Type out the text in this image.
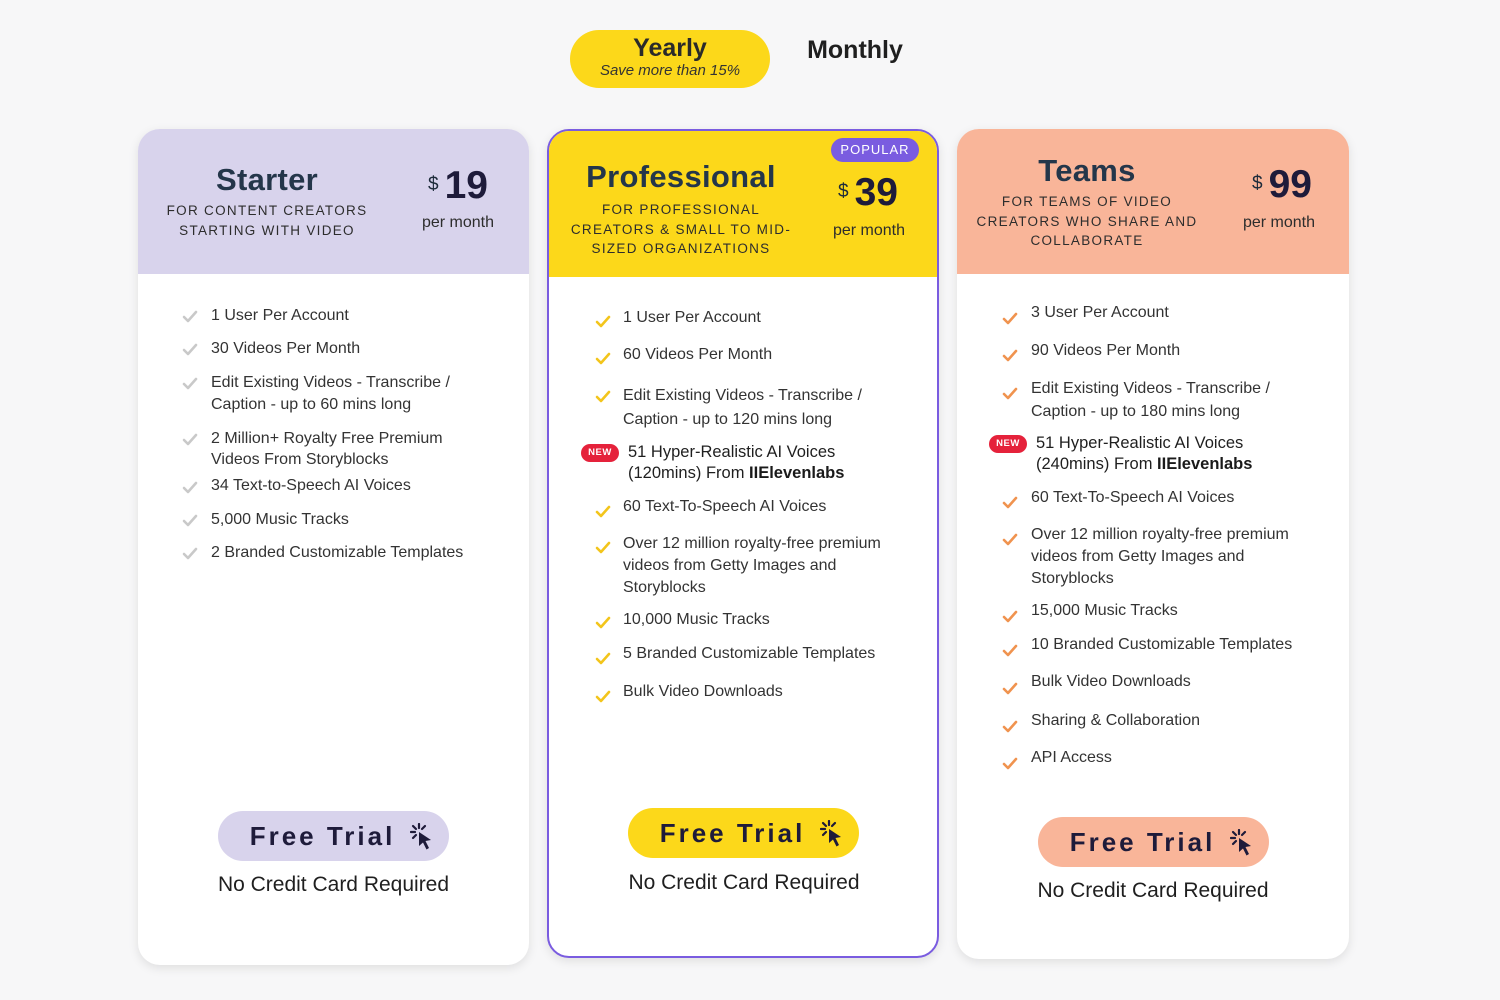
Yearly
Save more than 15%
Monthly
Starter
FOR CONTENT CREATORS STARTING WITH VIDEO
$ 19
per month
1 User Per Account
30 Videos Per Month
Edit Existing Videos - Transcribe / Caption - up to 60 mins long
2 Million+ Royalty Free Premium Videos From Storyblocks
34 Text-to-Speech AI Voices
5,000 Music Tracks
2 Branded Customizable Templates
Free Trial
No Credit Card Required
POPULAR
Professional
FOR PROFESSIONAL CREATORS & SMALL TO MID-SIZED ORGANIZATIONS
$ 39
per month
1 User Per Account
60 Videos Per Month
Edit Existing Videos - Transcribe / Caption - up to 120 mins long
NEW 51 Hyper-Realistic AI Voices (120mins) From IIElevenlabs
60 Text-To-Speech AI Voices
Over 12 million royalty-free premium videos from Getty Images and Storyblocks
10,000 Music Tracks
5 Branded Customizable Templates
Bulk Video Downloads
Free Trial
No Credit Card Required
Teams
FOR TEAMS OF VIDEO CREATORS WHO SHARE AND COLLABORATE
$ 99
per month
3 User Per Account
90 Videos Per Month
Edit Existing Videos - Transcribe / Caption - up to 180 mins long
NEW 51 Hyper-Realistic AI Voices (240mins) From IIElevenlabs
60 Text-To-Speech AI Voices
Over 12 million royalty-free premium videos from Getty Images and Storyblocks
15,000 Music Tracks
10 Branded Customizable Templates
Bulk Video Downloads
Sharing & Collaboration
API Access
Free Trial
No Credit Card Required
